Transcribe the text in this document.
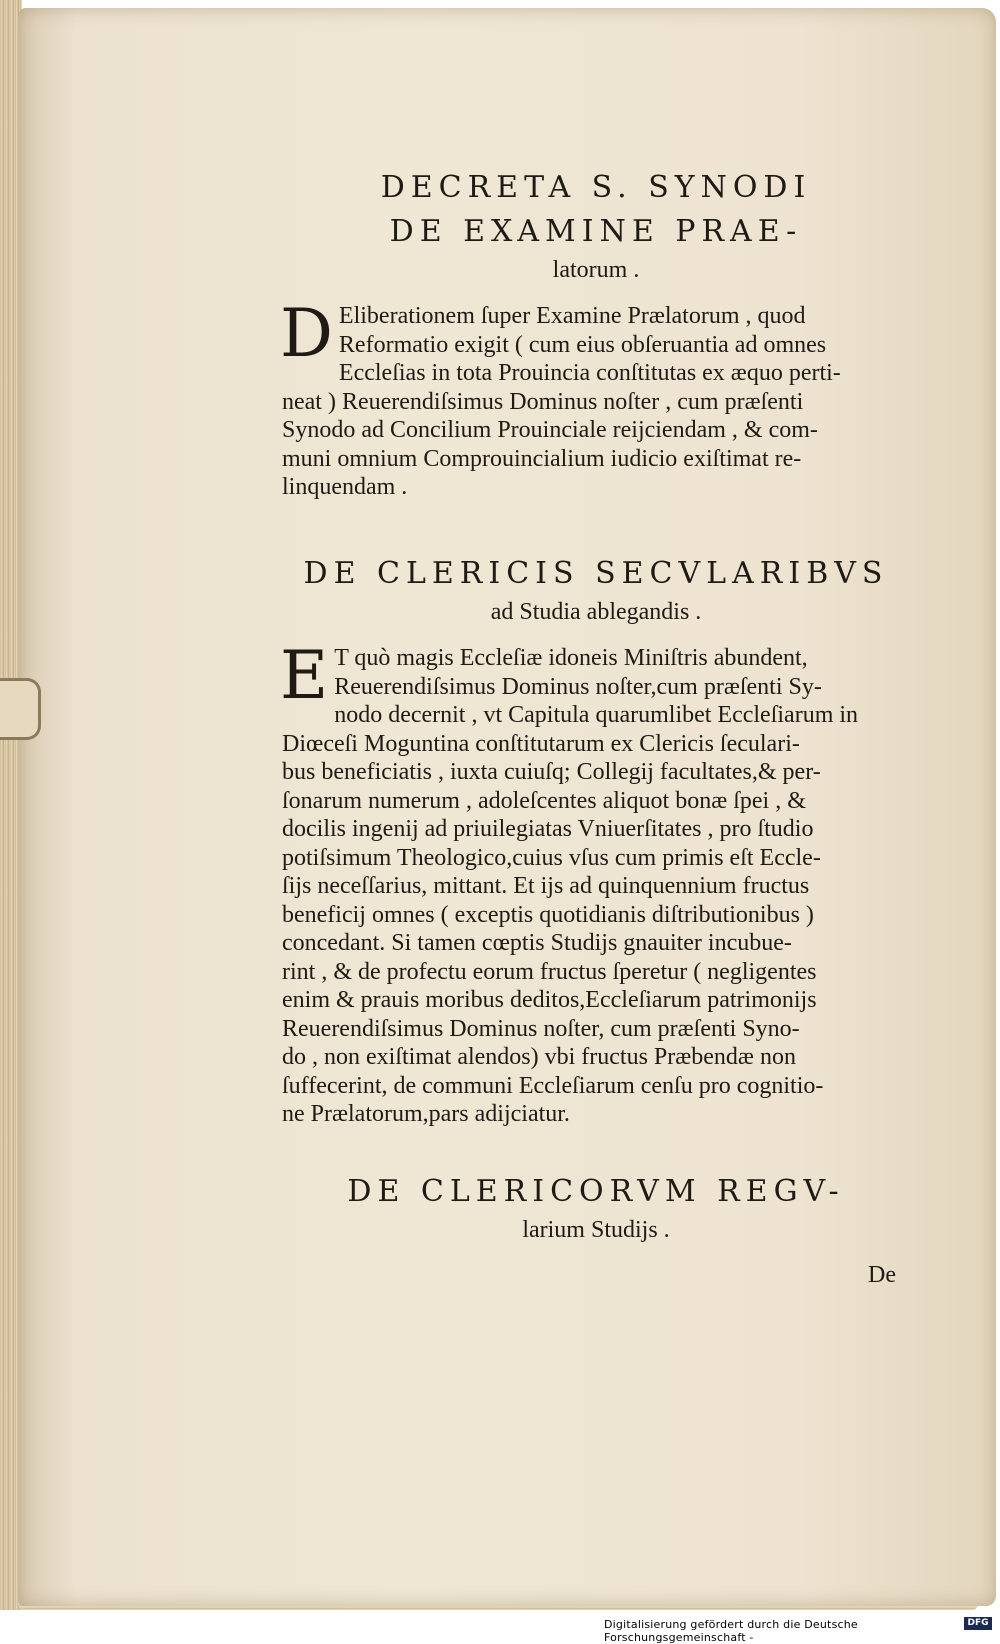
DECRETA S. SYNODI

DE EXAMINE PRAE-

latorum .

D Eliberationem ſuper Examine Prælatorum , quod
Reformatio exigit ( cum eius obſeruantia ad omnes
Eccleſias in tota Prouincia conſtitutas ex æquo perti-
neat ) Reuerendiſsimus Dominus noſter , cum præſenti
Synodo ad Concilium Prouinciale reijciendam , & com-
muni omnium Comprouincialium iudicio exiſtimat re-
linquendam .

DE CLERICIS SECVLARIBVS

ad Studia ablegandis .

E T quò magis Eccleſiæ idoneis Miniſtris abundent,
Reuerendiſsimus Dominus noſter,cum præſenti Sy-
nodo decernit , vt Capitula quarumlibet Eccleſiarum in
Diœceſi Moguntina conſtitutarum ex Clericis ſeculari-
bus beneficiatis , iuxta cuiuſq; Collegij facultates,& per-
ſonarum numerum , adoleſcentes aliquot bonæ ſpei , &
docilis ingenij ad priuilegiatas Vniuerſitates , pro ſtudio
potiſsimum Theologico,cuius vſus cum primis eſt Eccle-
ſijs neceſſarius, mittant. Et ijs ad quinquennium fructus
beneficij omnes ( exceptis quotidianis diſtributionibus )
concedant. Si tamen cœptis Studijs gnauiter incubue-
rint , & de profectu eorum fructus ſperetur ( negligentes
enim & prauis moribus deditos,Eccleſiarum patrimonijs
Reuerendiſsimus Dominus noſter, cum præſenti Syno-
do , non exiſtimat alendos) vbi fructus Præbendæ non
ſuffecerint, de communi Eccleſiarum cenſu pro cognitio-
ne Prælatorum,pars adijciatur.

DE CLERICORVM REGV-

larium Studijs .

De
Digitalisierung gefördert durch die Deutsche Forschungsgemeinschaft -
DFG
